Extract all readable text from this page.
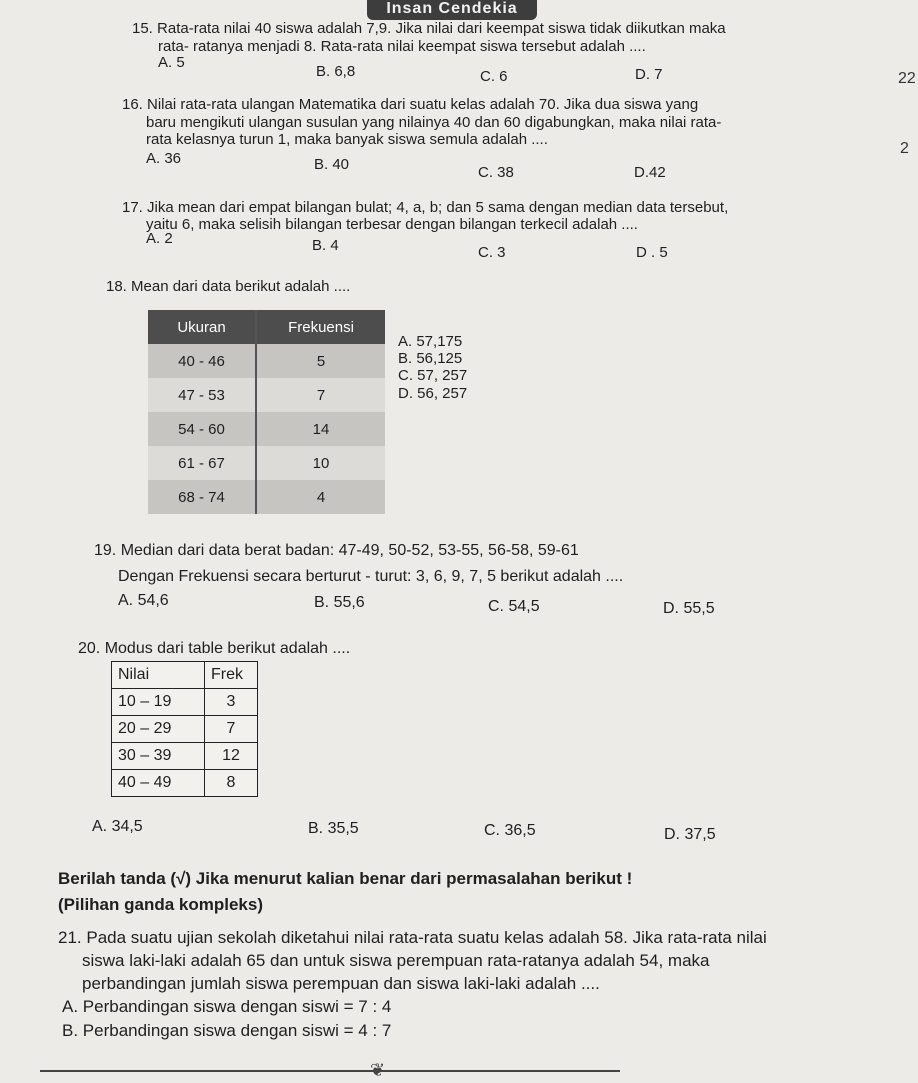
Insan Cendekia
22
2
15. Rata-rata nilai 40 siswa adalah 7,9. Jika nilai dari keempat siswa tidak diikutkan maka
rata- ratanya menjadi 8. Rata-rata nilai keempat siswa tersebut adalah ....
A. 5
B. 6,8	C. 6	D. 7
16. Nilai rata-rata ulangan Matematika dari suatu kelas adalah 70. Jika dua siswa yang
baru mengikuti ulangan susulan yang nilainya 40 dan 60 digabungkan, maka nilai rata-
rata kelasnya turun 1, maka banyak siswa semula adalah ....
A. 36	B. 40	C. 38	D.42
17. Jika mean dari empat bilangan bulat; 4, a, b; dan 5 sama dengan median data tersebut,
yaitu 6, maka selisih bilangan terbesar dengan bilangan terkecil adalah ....
A. 2	B. 4	C. 3	D . 5
18. Mean dari data berikut adalah ....
Ukuran	Frekuensi
40 - 46	5
47 - 53	7
54 - 60	14
61 - 67	10
68 - 74	4
A. 57,175
B. 56,125
C. 57, 257
D. 56, 257
19. Median dari data berat badan: 47-49, 50-52, 53-55, 56-58, 59-61
Dengan Frekuensi secara berturut - turut: 3, 6, 9, 7, 5 berikut adalah ....
A. 54,6	B. 55,6	C. 54,5	D. 55,5
20. Modus dari table berikut adalah ....
Nilai	Frek
10 – 19	3
20 – 29	7
30 – 39	12
40 – 49	8
A. 34,5	B. 35,5	C. 36,5	D. 37,5
Berilah tanda (√) Jika menurut kalian benar dari permasalahan berikut !
(Pilihan ganda kompleks)
21. Pada suatu ujian sekolah diketahui nilai rata-rata suatu kelas adalah 58. Jika rata-rata nilai
siswa laki-laki adalah 65 dan untuk siswa perempuan rata-ratanya adalah 54, maka
perbandingan jumlah siswa perempuan dan siswa laki-laki adalah ....
A. Perbandingan siswa dengan siswi = 7 : 4
B. Perbandingan siswa dengan siswi = 4 : 7
❦
